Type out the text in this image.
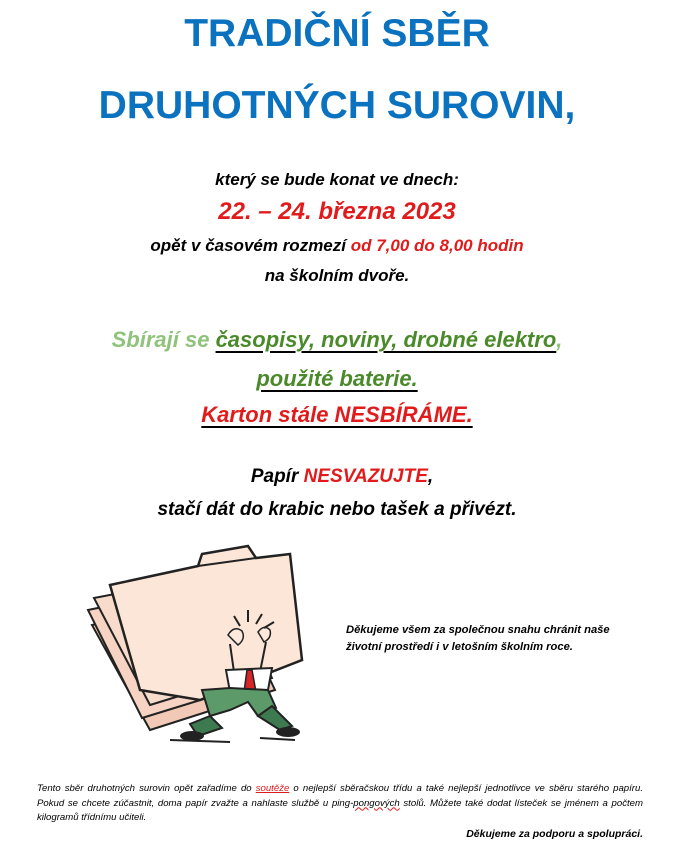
TRADIČNÍ SBĚR
DRUHOTNÝCH SUROVIN,
který se bude konat ve dnech:
22. – 24. března 2023
opět v časovém rozmezí od 7,00 do 8,00 hodin
na školním dvoře.
Sbírají se časopisy, noviny, drobné elektro,
použité baterie.
Karton stále NESBÍRÁME.
Papír NESVAZUJTE,
stačí dát do krabic nebo tašek a přivézt.
Děkujeme všem za společnou snahu chránit naše životní prostředí i v letošním školním roce.
Tento sběr druhotných surovin opět zařadíme do soutěže o nejlepší sběračskou třídu a také nejlepší jednotlivce ve sběru starého papíru. Pokud se chcete zúčastnit, doma papír zvažte a nahlaste službě u ping-pongových stolů. Můžete také dodat lísteček se jménem a počtem kilogramů třídnímu učiteli.
Děkujeme za podporu a spolupráci.
